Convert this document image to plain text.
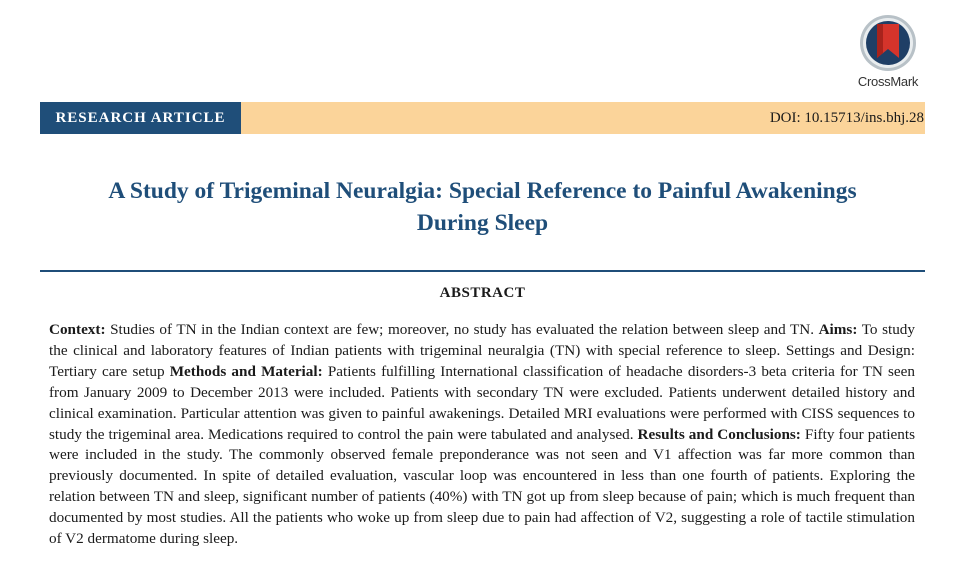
CrossMark
RESEARCH ARTICLE	DOI: 10.15713/ins.bhj.28
A Study of Trigeminal Neuralgia: Special Reference to Painful Awakenings
During Sleep
ABSTRACT
Context: Studies of TN in the Indian context are few; moreover, no study has evaluated the relation between sleep and TN. Aims: To study the clinical and laboratory features of Indian patients with trigeminal neuralgia (TN) with special reference to sleep. Settings and Design: Tertiary care setup Methods and Material: Patients fulfilling International classification of headache disorders-3 beta criteria for TN seen from January 2009 to December 2013 were included. Patients with secondary TN were excluded. Patients underwent detailed history and clinical examination. Particular attention was given to painful awakenings. Detailed MRI evaluations were performed with CISS sequences to study the trigeminal area. Medications required to control the pain were tabulated and analysed. Results and Conclusions: Fifty four patients were included in the study. The commonly observed female preponderance was not seen and V1 affection was far more common than previously documented. In spite of detailed evaluation, vascular loop was encountered in less than one fourth of patients. Exploring the relation between TN and sleep, significant number of patients (40%) with TN got up from sleep because of pain; which is much frequent than documented by most studies. All the patients who woke up from sleep due to pain had affection of V2, suggesting a role of tactile stimulation of V2 dermatome during sleep.
